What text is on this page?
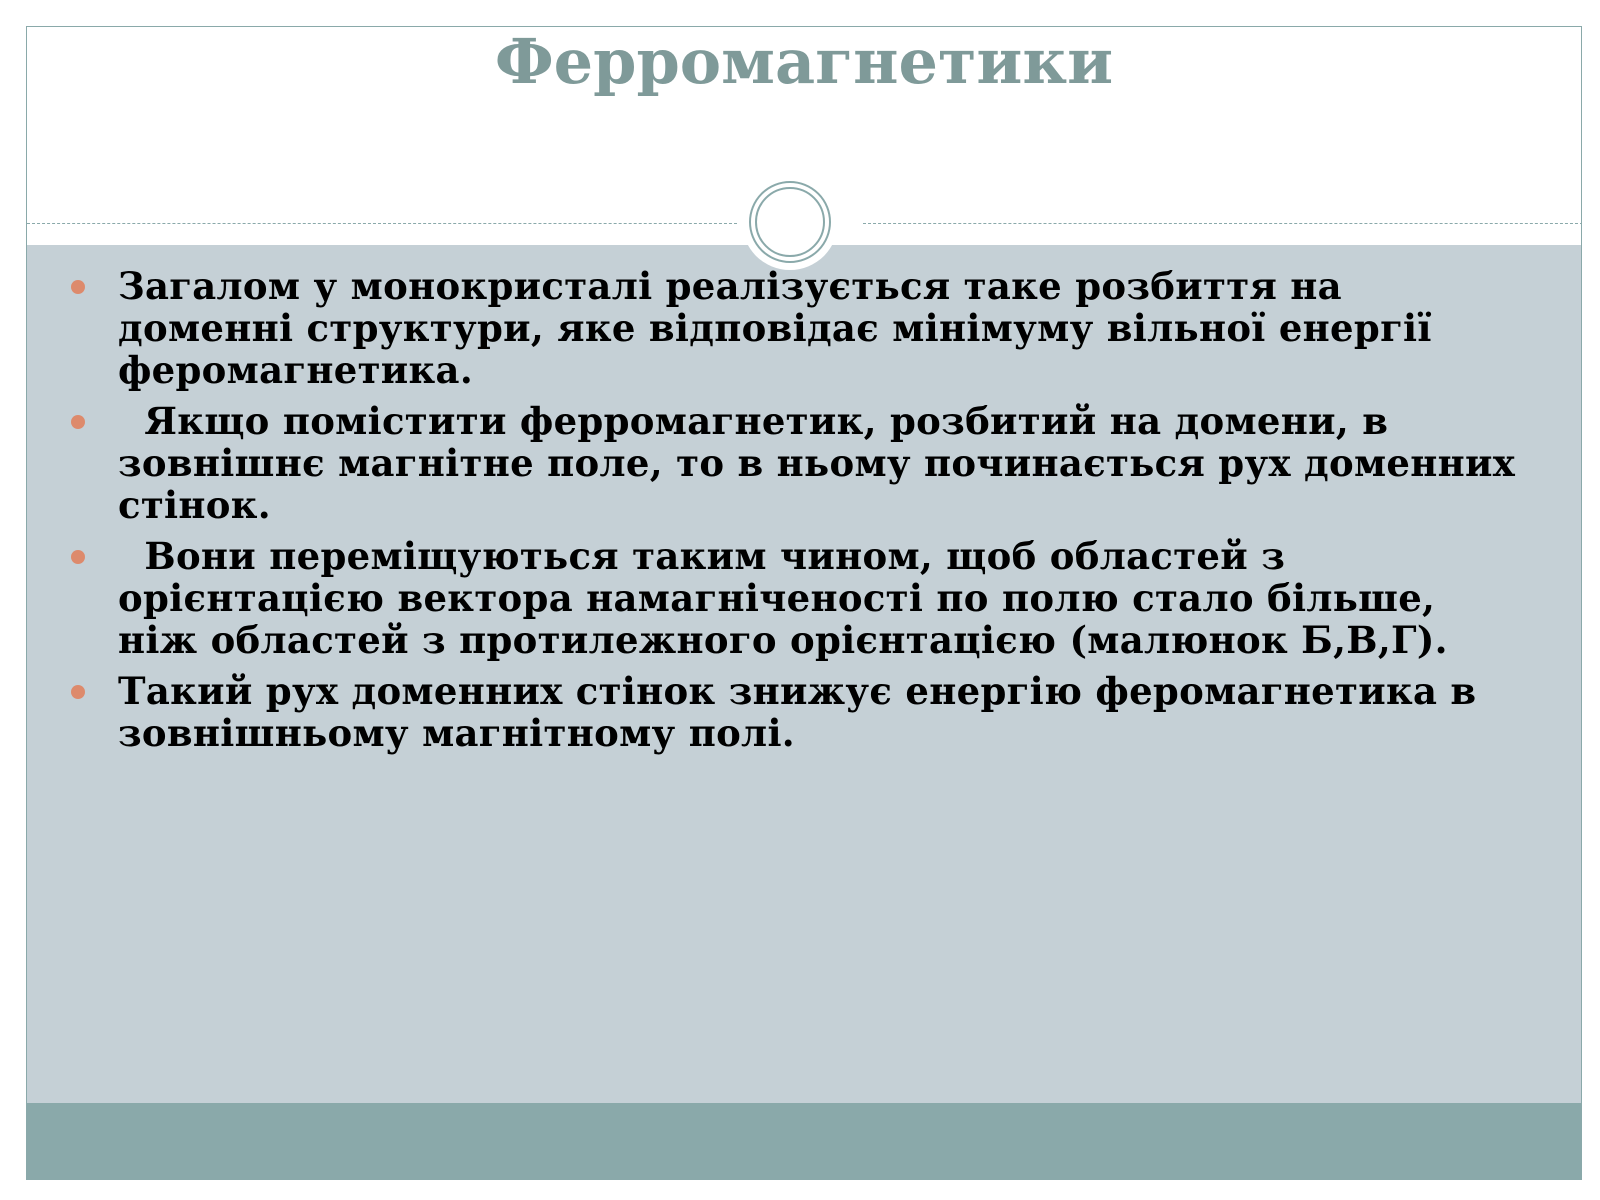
Ферромагнетики
Загалом у монокристалі реалізується таке розбиття на доменні структури, яке відповідає мінімуму вільної енергії феромагнетика.
Якщо помістити ферромагнетик, розбитий на домени, в зовнішнє магнітне поле, то в ньому починається рух доменних стінок.
Вони переміщуються таким чином, щоб областей з орієнтацією вектора намагніченості по полю стало більше, ніж областей з протилежного орієнтацією (малюнок Б,В,Г).
Такий рух доменних стінок знижує енергію феромагнетика в зовнішньому магнітному полі.
